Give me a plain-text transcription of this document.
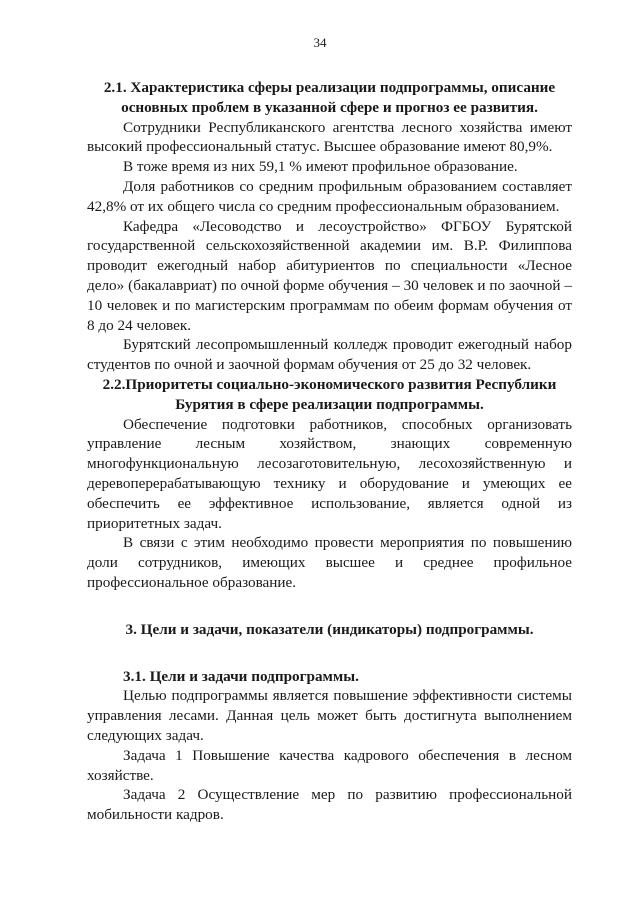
34

2.1. Характеристика сферы реализации подпрограммы, описание основных проблем в указанной сфере и прогноз ее развития.

Сотрудники Республиканского агентства лесного хозяйства имеют высокий профессиональный статус. Высшее образование имеют 80,9%.

В тоже время из них 59,1 % имеют профильное образование.

Доля работников со средним профильным образованием составляет 42,8% от их общего числа со средним профессиональным образованием.

Кафедра «Лесоводство и лесоустройство» ФГБОУ Бурятской государственной сельскохозяйственной академии им. В.Р. Филиппова проводит ежегодный набор абитуриентов по специальности «Лесное дело» (бакалавриат) по очной форме обучения – 30 человек и по заочной – 10 человек и по магистерским программам по обеим формам обучения от 8 до 24 человек.

Бурятский лесопромышленный колледж проводит ежегодный набор студентов по очной и заочной формам обучения от 25 до 32 человек.

2.2.Приоритеты социально-экономического развития Республики Бурятия в сфере реализации подпрограммы.

Обеспечение подготовки работников, способных организовать управление лесным хозяйством, знающих современную многофункциональную лесозаготовительную, лесохозяйственную и деревоперерабатывающую технику и оборудование и умеющих ее обеспечить ее эффективное использование, является одной из приоритетных задач.

В связи с этим необходимо провести мероприятия по повышению доли сотрудников, имеющих высшее и среднее профильное профессиональное образование.

3. Цели и задачи, показатели (индикаторы) подпрограммы.

3.1. Цели и задачи подпрограммы.

Целью подпрограммы является повышение эффективности системы управления лесами. Данная цель может быть достигнута выполнением следующих задач.

Задача 1 Повышение качества кадрового обеспечения в лесном хозяйстве.

Задача 2 Осуществление мер по развитию профессиональной мобильности кадров.
